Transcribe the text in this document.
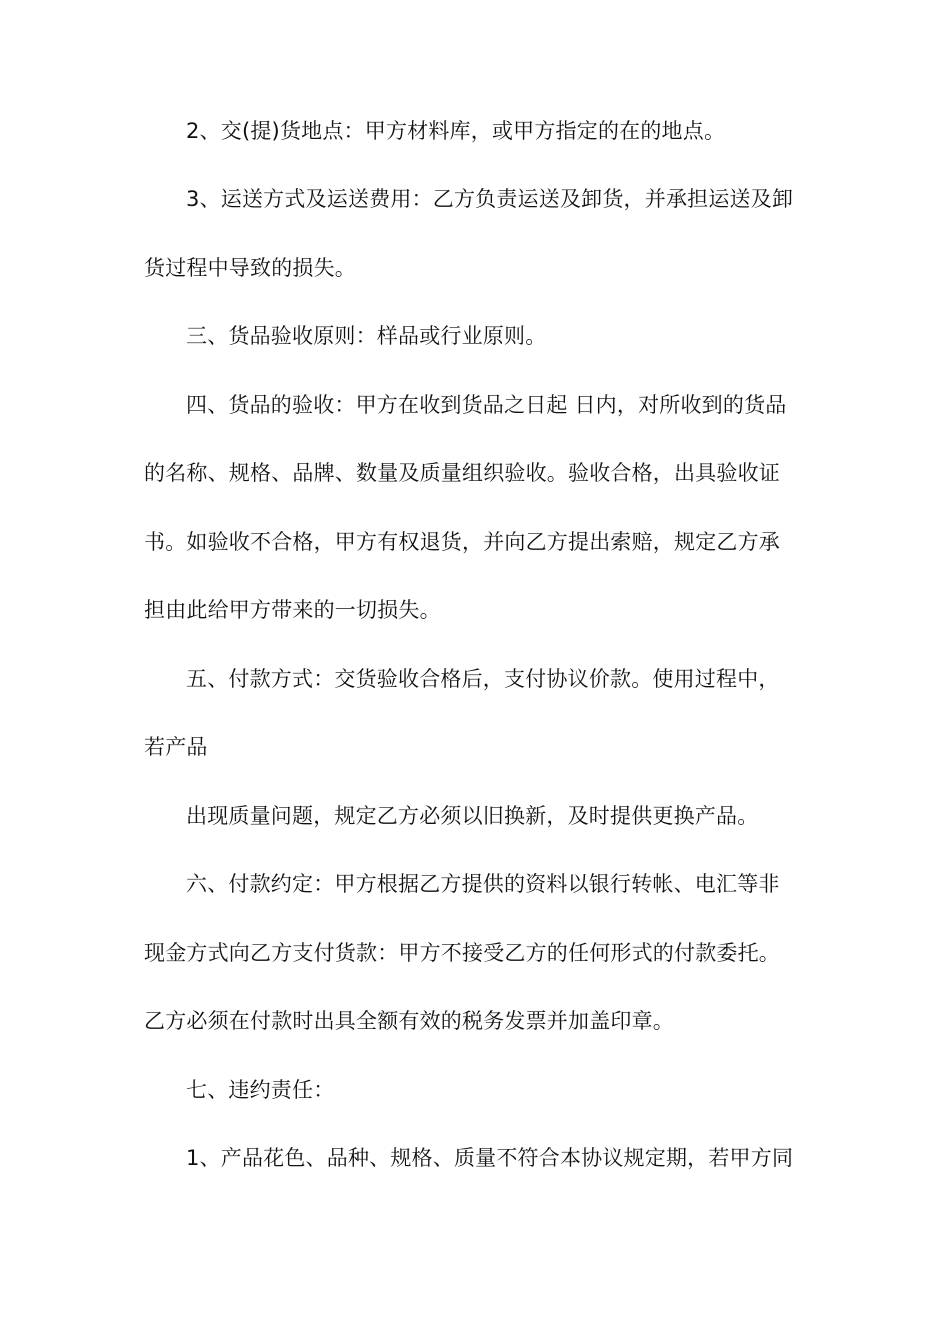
2、交(提)货地点：甲方材料库，或甲方指定的在的地点。
3、运送方式及运送费用：乙方负责运送及卸货，并承担运送及卸
货过程中导致的损失。
三、货品验收原则：样品或行业原则。
四、货品的验收：甲方在收到货品之日起 日内，对所收到的货品
的名称、规格、品牌、数量及质量组织验收。验收合格，出具验收证
书。如验收不合格，甲方有权退货，并向乙方提出索赔，规定乙方承
担由此给甲方带来的一切损失。
五、付款方式：交货验收合格后，支付协议价款。使用过程中，
若产品
出现质量问题，规定乙方必须以旧换新，及时提供更换产品。
六、付款约定：甲方根据乙方提供的资料以银行转帐、电汇等非
现金方式向乙方支付货款：甲方不接受乙方的任何形式的付款委托。
乙方必须在付款时出具全额有效的税务发票并加盖印章。
七、违约责任：
1、产品花色、品种、规格、质量不符合本协议规定期，若甲方同
